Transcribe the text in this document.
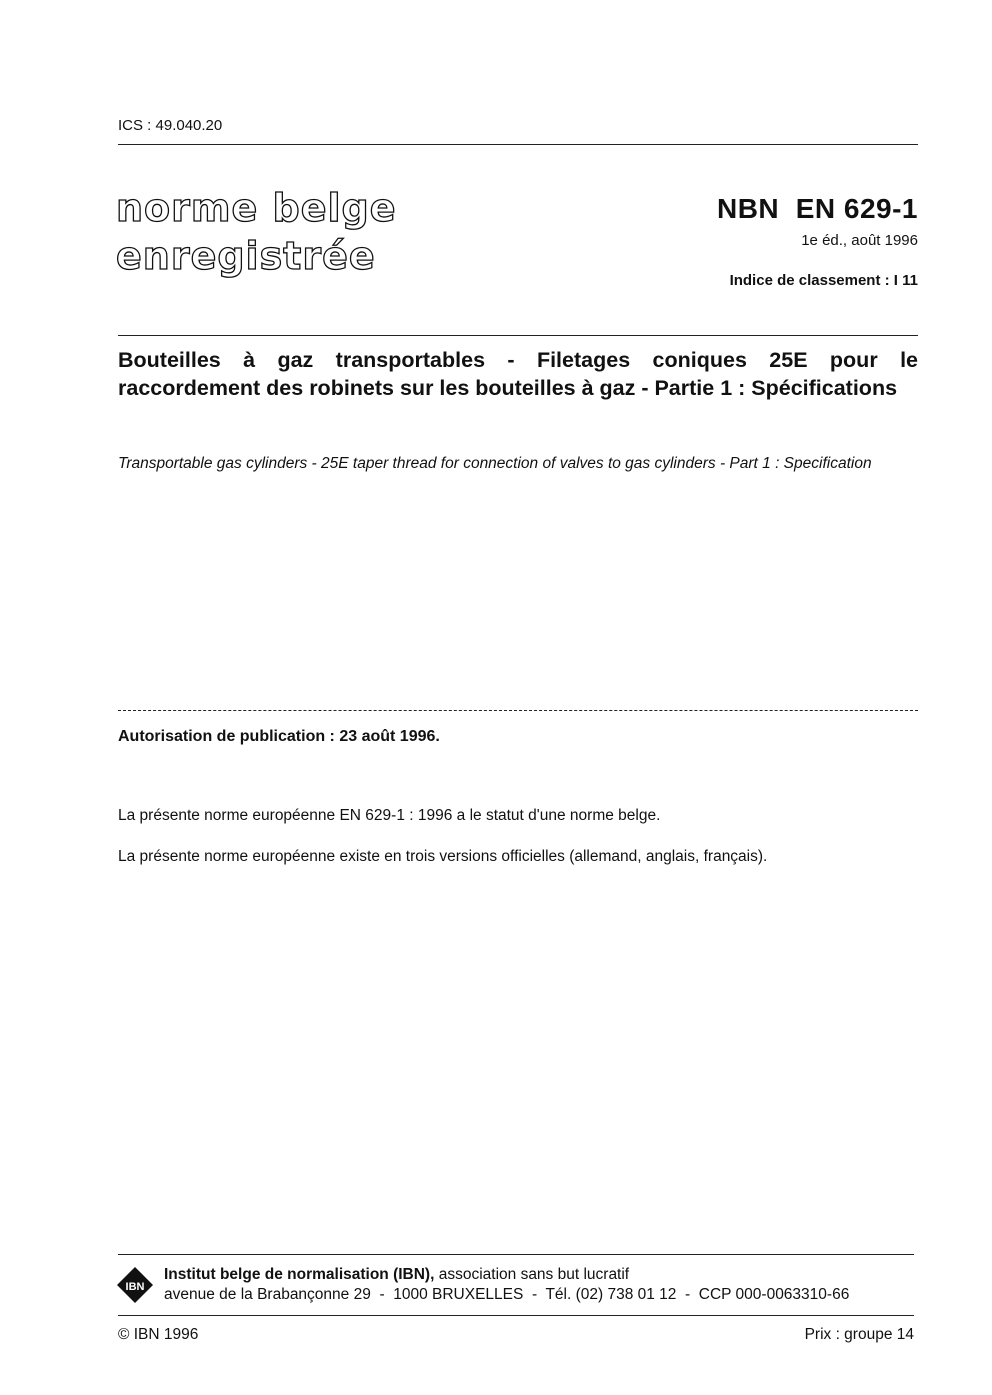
ICS : 49.040.20
norme belge
enregistrée
NBN  EN 629-1
1e éd., août 1996
Indice de classement : I 11
Bouteilles à gaz transportables - Filetages coniques 25E pour le raccordement des robinets sur les bouteilles à gaz - Partie 1 : Spécifications
Transportable gas cylinders - 25E taper thread for connection of valves to gas cylinders - Part 1 : Specification
Autorisation de publication : 23 août 1996.
La présente norme européenne EN 629-1 : 1996 a le statut d'une norme belge.
La présente norme européenne existe en trois versions officielles (allemand, anglais, français).
IBN
Institut belge de normalisation (IBN), association sans but lucratif
avenue de la Brabançonne 29  -  1000 BRUXELLES  -  Tél. (02) 738 01 12  -  CCP 000-0063310-66
© IBN 1996	Prix : groupe 14
